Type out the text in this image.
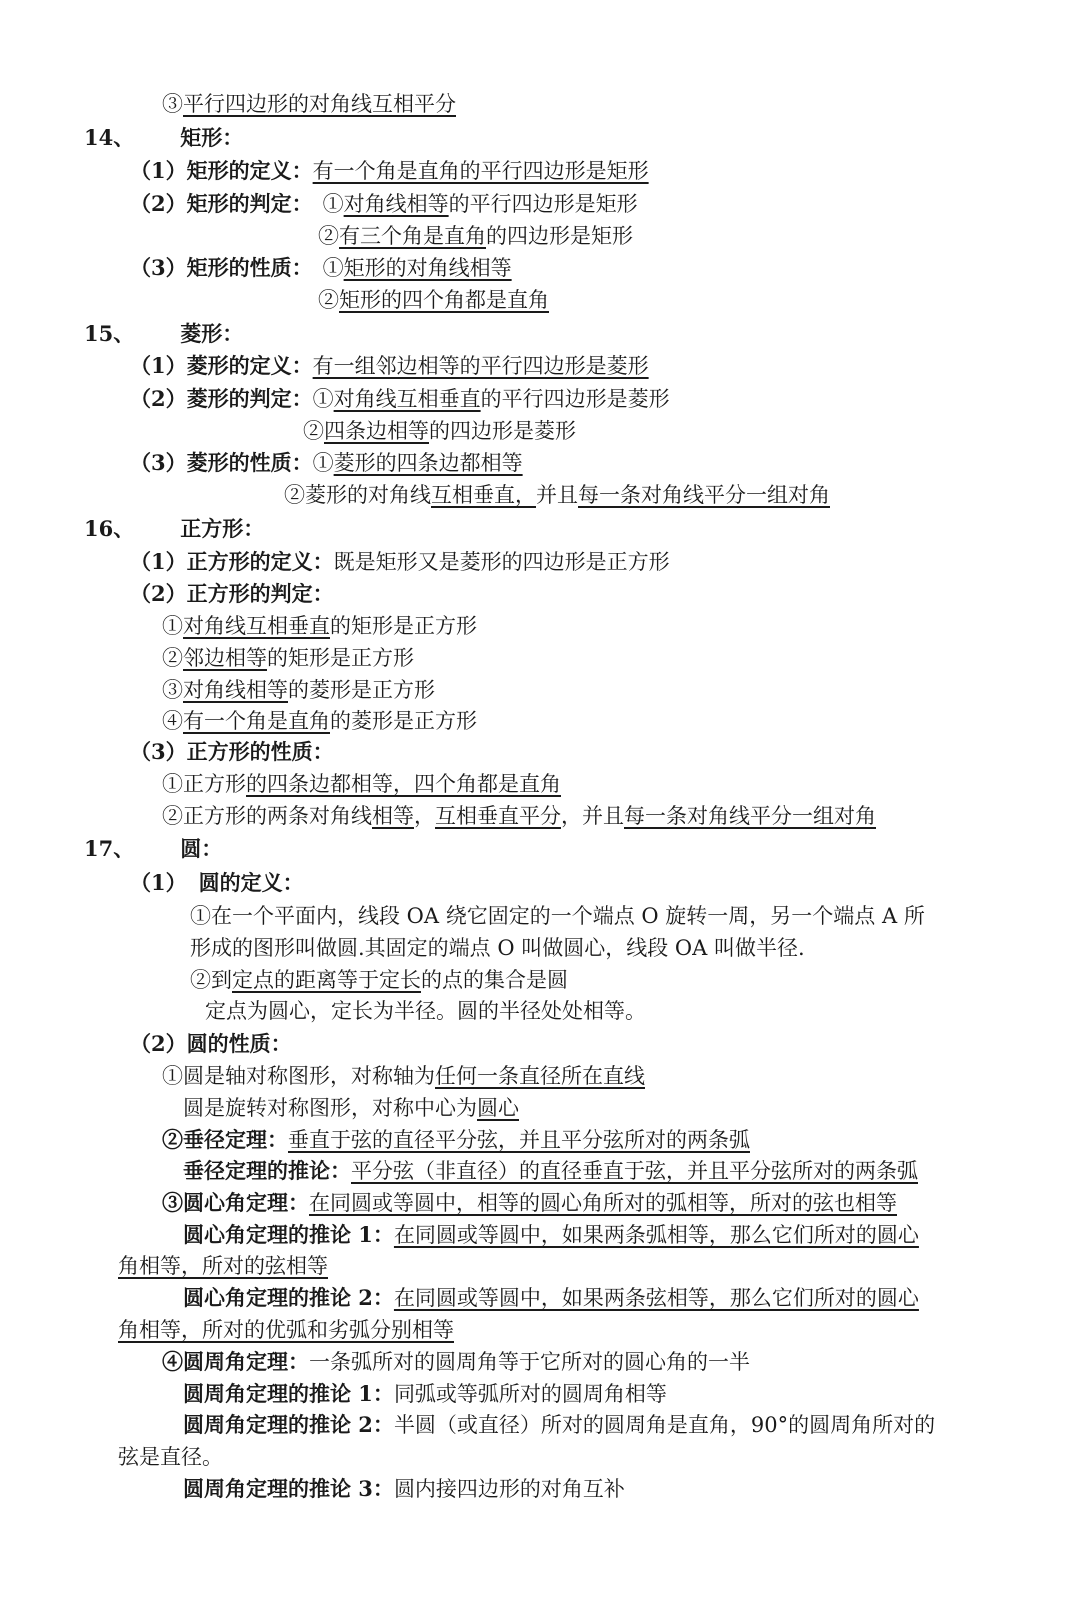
③平行四边形的对角线互相平分
14、 矩形：
（1）矩形的定义：有一个角是直角的平行四边形是矩形
（2）矩形的判定： ①对角线相等的平行四边形是矩形
②有三个角是直角的四边形是矩形
（3）矩形的性质： ①矩形的对角线相等
②矩形的四个角都是直角
15、 菱形：
（1）菱形的定义：有一组邻边相等的平行四边形是菱形
（2）菱形的判定：①对角线互相垂直的平行四边形是菱形
②四条边相等的四边形是菱形
（3）菱形的性质：①菱形的四条边都相等
②菱形的对角线互相垂直，并且每一条对角线平分一组对角
16、 正方形：
（1）正方形的定义：既是矩形又是菱形的四边形是正方形
（2）正方形的判定：
①对角线互相垂直的矩形是正方形
②邻边相等的矩形是正方形
③对角线相等的菱形是正方形
④有一个角是直角的菱形是正方形
（3）正方形的性质：
①正方形的四条边都相等，四个角都是直角
②正方形的两条对角线相等，互相垂直平分，并且每一条对角线平分一组对角
17、 圆：
（1） 圆的定义：
①在一个平面内，线段 OA 绕它固定的一个端点 O 旋转一周，另一个端点 A 所
形成的图形叫做圆.其固定的端点 O 叫做圆心，线段 OA 叫做半径.
②到定点的距离等于定长的点的集合是圆
定点为圆心，定长为半径。圆的半径处处相等。
（2）圆的性质：
①圆是轴对称图形，对称轴为任何一条直径所在直线
圆是旋转对称图形，对称中心为圆心
②垂径定理：垂直于弦的直径平分弦，并且平分弦所对的两条弧
垂径定理的推论：平分弦（非直径）的直径垂直于弦，并且平分弦所对的两条弧
③圆心角定理：在同圆或等圆中，相等的圆心角所对的弧相等，所对的弦也相等
圆心角定理的推论 1：在同圆或等圆中，如果两条弧相等，那么它们所对的圆心
角相等，所对的弦相等
圆心角定理的推论 2：在同圆或等圆中，如果两条弦相等，那么它们所对的圆心
角相等，所对的优弧和劣弧分别相等
④圆周角定理：一条弧所对的圆周角等于它所对的圆心角的一半
圆周角定理的推论 1：同弧或等弧所对的圆周角相等
圆周角定理的推论 2：半圆（或直径）所对的圆周角是直角，90°的圆周角所对的
弦是直径。
圆周角定理的推论 3：圆内接四边形的对角互补
